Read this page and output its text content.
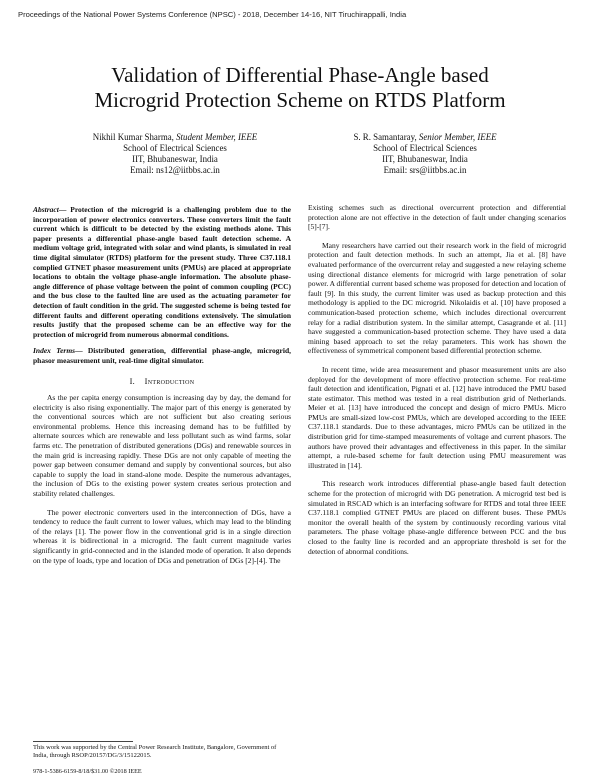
Proceedings of the National Power Systems Conference (NPSC) - 2018, December 14-16, NIT Tiruchirappalli, India
Validation of Differential Phase-Angle based
Microgrid Protection Scheme on RTDS Platform
Nikhil Kumar Sharma, Student Member, IEEE
School of Electrical Sciences
IIT, Bhubaneswar, India
Email: ns12@iitbbs.ac.in
S. R. Samantaray, Senior Member, IEEE
School of Electrical Sciences
IIT, Bhubaneswar, India
Email: srs@iitbbs.ac.in

Abstract— Protection of the microgrid is a challenging problem due to the incorporation of power electronics converters. These converters limit the fault current which is difficult to be detected by the existing methods alone. This paper presents a differential phase-angle based fault detection scheme. A medium voltage grid, integrated with solar and wind plants, is simulated in real time digital simulator (RTDS) platform for the present study. Three C37.118.1 complied GTNET phasor measurement units (PMUs) are placed at appropriate locations to obtain the voltage phase-angle information. The absolute phase-angle difference of phase voltage between the point of common coupling (PCC) and the bus close to the faulted line are used as the actuating parameter for detection of fault condition in the grid. The suggested scheme is being tested for different faults and different operating conditions extensively. The simulation results justify that the proposed scheme can be an effective way for the protection of microgrid from numerous abnormal conditions.

Index Terms— Distributed generation, differential phase-angle, microgrid, phasor measurement unit, real-time digital simulator.

I. Introduction

As the per capita energy consumption is increasing day by day, the demand for electricity is also rising exponentially. The major part of this energy is generated by the conventional sources which are not sufficient but also creating serious environmental problems. Hence this increasing demand has to be fulfilled by alternate sources which are renewable and less pollutant such as wind farms, solar farms etc. The penetration of distributed generations (DGs) and renewable sources in the main grid is increasing rapidly. These DGs are not only capable of meeting the power gap between consumer demand and supply by conventional sources, but also capable to supply the load in stand-alone mode. Despite the numerous advantages, the inclusion of DGs to the existing power system creates serious protection and stability related challenges.

The power electronic converters used in the interconnection of DGs, have a tendency to reduce the fault current to lower values, which may lead to the blinding of the relays [1]. The power flow in the conventional grid is in a single direction whereas it is bidirectional in a microgrid. The fault current magnitude varies significantly in grid-connected and in the islanded mode of operation. It also depends on the type of loads, type and location of DGs and penetration of DGs [2]-[4]. The

Existing schemes such as directional overcurrent protection and differential protection alone are not effective in the detection of fault under changing scenarios [5]-[7].

Many researchers have carried out their research work in the field of microgrid protection and fault detection methods. In such an attempt, Jia et al. [8] have evaluated performance of the overcurrent relay and suggested a new relaying scheme using directional distance elements for microgrid with large penetration of solar power. A differential current based scheme was proposed for detection and location of fault [9]. In this study, the current limiter was used as backup protection and this methodology is applied to the DC microgrid. Nikolaidis et al. [10] have proposed a communication-based protection scheme, which includes directional overcurrent relay for a radial distribution system. In the similar attempt, Casagrande et al. [11] have suggested a communication-based protection scheme. They have used a data mining based approach to set the relay parameters. This work has shown the effectiveness of symmetrical component based differential protection scheme.

In recent time, wide area measurement and phasor measurement units are also deployed for the development of more effective protection scheme. For real-time fault detection and identification, Pignati et al. [12] have introduced the PMU based state estimator. This method was tested in a real distribution grid of Netherlands. Meier et al. [13] have introduced the concept and design of micro PMUs. Micro PMUs are small-sized low-cost PMUs, which are developed according to the IEEE C37.118.1 standards. Due to these advantages, micro PMUs can be utilized in the distribution grid for time-stamped measurements of voltage and current phasors. The authors have proved their advantages and effectiveness in this paper. In the similar attempt, a rule-based scheme for fault detection using PMU measurement was illustrated in [14].

This research work introduces differential phase-angle based fault detection scheme for the protection of microgrid with DG penetration. A microgrid test bed is simulated in RSCAD which is an interfacing software for RTDS and total three IEEE C37.118.1 complied GTNET PMUs are placed on different buses. These PMUs monitor the overall health of the system by continuously recording various vital parameters. The phase voltage phase-angle difference between PCC and the bus closed to the faulty line is recorded and an appropriate threshold is set for the detection of abnormal conditions.

This work was supported by the Central Power Research Institute, Bangalore, Government of India, through RSOP/20157/DG/3/15122015.
978-1-5386-6159-8/18/$31.00 ©2018 IEEE
